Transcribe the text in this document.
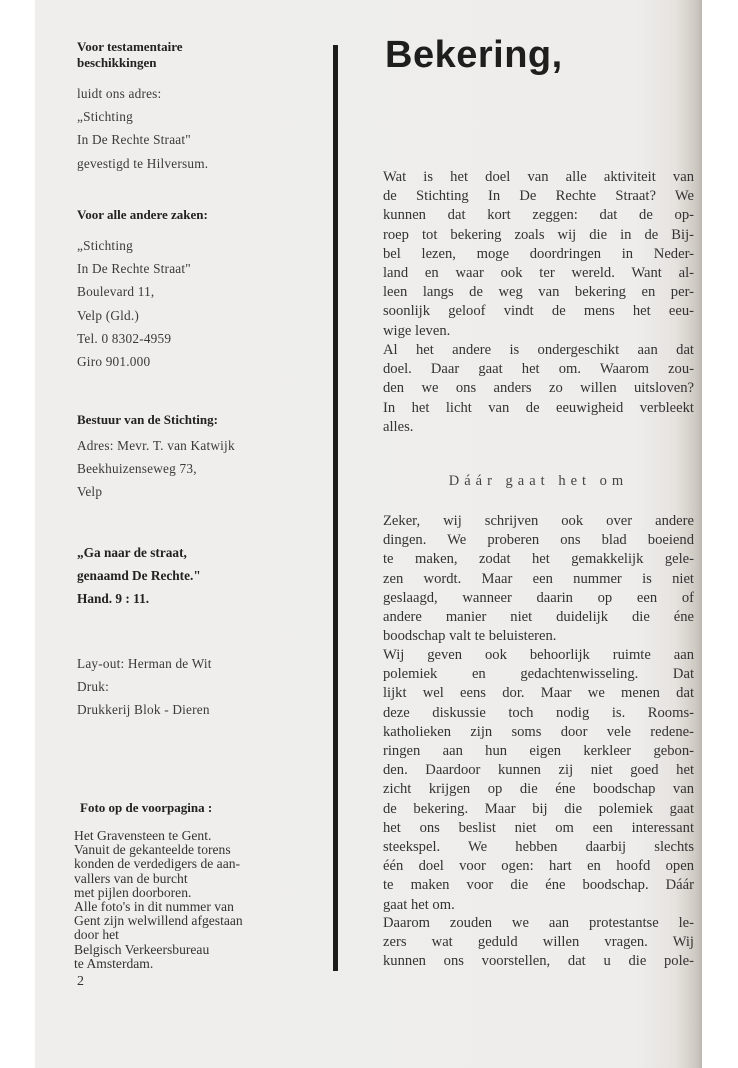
Voor testamentaire
beschikkingen
luidt ons adres:
„Stichting
In De Rechte Straat"
gevestigd te Hilversum.
Voor alle andere zaken:
„Stichting
In De Rechte Straat"
Boulevard 11,
Velp (Gld.)
Tel. 0 8302-4959
Giro 901.000
Bestuur van de Stichting:
Adres: Mevr. T. van Katwijk
Beekhuizenseweg 73,
Velp
„Ga naar de straat,
genaamd De Rechte."
Hand. 9 : 11.
Lay-out: Herman de Wit
Druk:
Drukkerij Blok - Dieren
Foto op de voorpagina :
Het Gravensteen te Gent.
Vanuit de gekanteelde torens
konden de verdedigers de aan-
vallers van de burcht
met pijlen doorboren.
Alle foto's in dit nummer van
Gent zijn welwillend afgestaan
door het
Belgisch Verkeersbureau
te Amsterdam.
2
Bekering,
Wat is het doel van alle aktiviteit van
de Stichting In De Rechte Straat? We
kunnen dat kort zeggen: dat de op-
roep tot bekering zoals wij die in de Bij-
bel lezen, moge doordringen in Neder-
land en waar ook ter wereld. Want al-
leen langs de weg van bekering en per-
soonlijk geloof vindt de mens het eeu-
wige leven.
Al het andere is ondergeschikt aan dat
doel. Daar gaat het om. Waarom zou-
den we ons anders zo willen uitsloven?
In het licht van de eeuwigheid verbleekt
alles.
Dáár gaat het om
Zeker, wij schrijven ook over andere
dingen. We proberen ons blad boeiend
te maken, zodat het gemakkelijk gele-
zen wordt. Maar een nummer is niet
geslaagd, wanneer daarin op een of
andere manier niet duidelijk die éne
boodschap valt te beluisteren.
Wij geven ook behoorlijk ruimte aan
polemiek en gedachtenwisseling. Dat
lijkt wel eens dor. Maar we menen dat
deze diskussie toch nodig is. Rooms-
katholieken zijn soms door vele redene-
ringen aan hun eigen kerkleer gebon-
den. Daardoor kunnen zij niet goed het
zicht krijgen op die éne boodschap van
de bekering. Maar bij die polemiek gaat
het ons beslist niet om een interessant
steekspel. We hebben daarbij slechts
één doel voor ogen: hart en hoofd open
te maken voor die éne boodschap. Dáár
gaat het om.
Daarom zouden we aan protestantse le-
zers wat geduld willen vragen. Wij
kunnen ons voorstellen, dat u die pole-
